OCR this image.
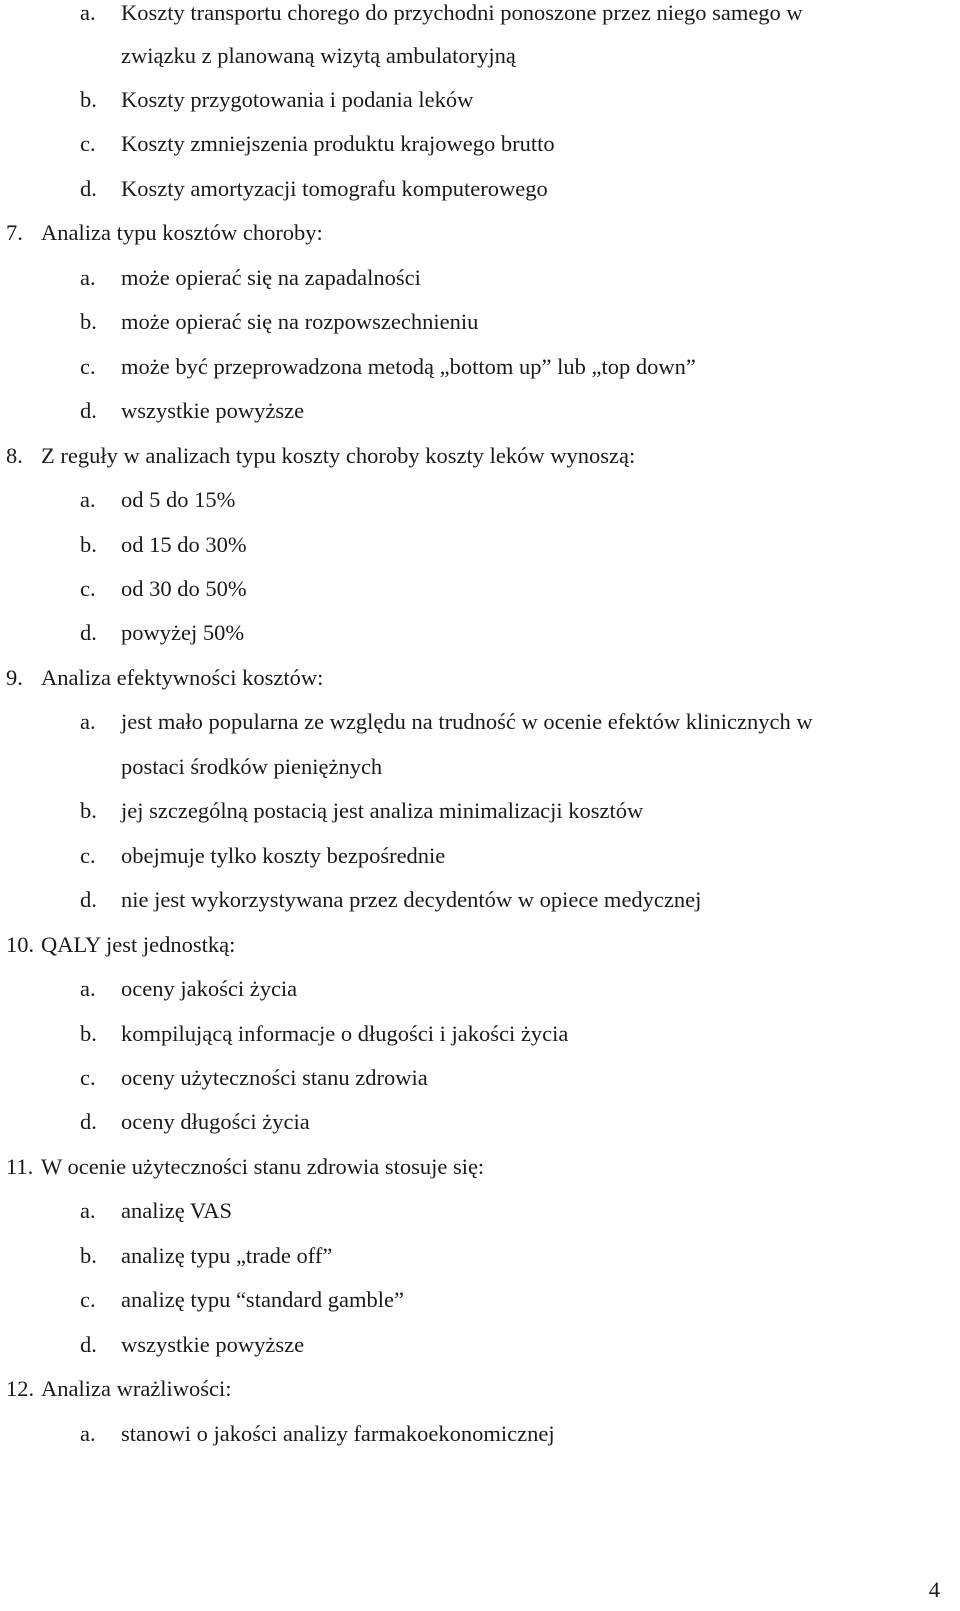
a. Koszty transportu chorego do przychodni ponoszone przez niego samego w
związku z planowaną wizytą ambulatoryjną
b. Koszty przygotowania i podania leków
c. Koszty zmniejszenia produktu krajowego brutto
d. Koszty amortyzacji tomografu komputerowego
7. Analiza typu kosztów choroby:
a. może opierać się na zapadalności
b. może opierać się na rozpowszechnieniu
c. może być przeprowadzona metodą „bottom up” lub „top down”
d. wszystkie powyższe
8. Z reguły w analizach typu koszty choroby koszty leków wynoszą:
a. od 5 do 15%
b. od 15 do 30%
c. od 30 do 50%
d. powyżej 50%
9. Analiza efektywności kosztów:
a. jest mało popularna ze względu na trudność w ocenie efektów klinicznych w
postaci środków pieniężnych
b. jej szczególną postacią jest analiza minimalizacji kosztów
c. obejmuje tylko koszty bezpośrednie
d. nie jest wykorzystywana przez decydentów w opiece medycznej
10. QALY jest jednostką:
a. oceny jakości życia
b. kompilującą informacje o długości i jakości życia
c. oceny użyteczności stanu zdrowia
d. oceny długości życia
11. W ocenie użyteczności stanu zdrowia stosuje się:
a. analizę VAS
b. analizę typu „trade off”
c. analizę typu “standard gamble”
d. wszystkie powyższe
12. Analiza wrażliwości:
a. stanowi o jakości analizy farmakoekonomicznej
4
